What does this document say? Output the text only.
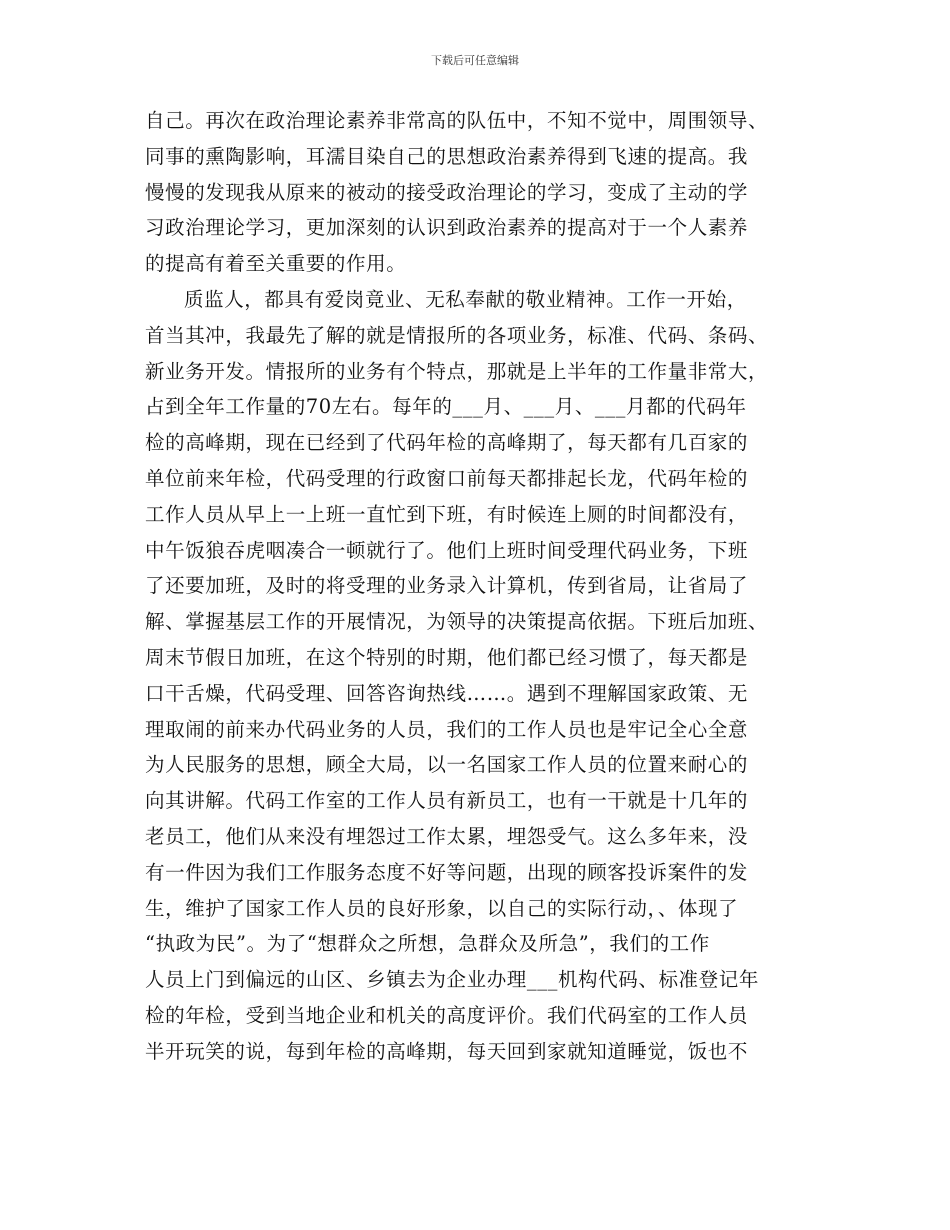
下载后可任意编辑
自己。再次在政治理论素养非常高的队伍中，不知不觉中，周围领导、
同事的熏陶影响，耳濡目染自己的思想政治素养得到飞速的提高。我
慢慢的发现我从原来的被动的接受政治理论的学习，变成了主动的学
习政治理论学习，更加深刻的认识到政治素养的提高对于一个人素养
的提高有着至关重要的作用。
质监人，都具有爱岗竟业、无私奉献的敬业精神。工作一开始，
首当其冲，我最先了解的就是情报所的各项业务，标准、代码、条码、
新业务开发。情报所的业务有个特点，那就是上半年的工作量非常大，
占到全年工作量的70左右。每年的___月、___月、___月都的代码年
检的高峰期，现在已经到了代码年检的高峰期了，每天都有几百家的
单位前来年检，代码受理的行政窗口前每天都排起长龙，代码年检的
工作人员从早上一上班一直忙到下班，有时候连上厕的时间都没有，
中午饭狼吞虎咽凑合一顿就行了。他们上班时间受理代码业务，下班
了还要加班，及时的将受理的业务录入计算机，传到省局，让省局了
解、掌握基层工作的开展情况，为领导的决策提高依据。下班后加班、
周末节假日加班，在这个特别的时期，他们都已经习惯了，每天都是
口干舌燥，代码受理、回答咨询热线……。遇到不理解国家政策、无
理取闹的前来办代码业务的人员，我们的工作人员也是牢记全心全意
为人民服务的思想，顾全大局，以一名国家工作人员的位置来耐心的
向其讲解。代码工作室的工作人员有新员工，也有一干就是十几年的
老员工，他们从来没有埋怨过工作太累，埋怨受气。这么多年来，没
有一件因为我们工作服务态度不好等问题，出现的顾客投诉案件的发
生，维护了国家工作人员的良好形象，以自己的实际行动，、体现了
“执政为民”。为了“想群众之所想，急群众及所急”，我们的工作
人员上门到偏远的山区、乡镇去为企业办理___机构代码、标准登记年
检的年检，受到当地企业和机关的高度评价。我们代码室的工作人员
半开玩笑的说，每到年检的高峰期，每天回到家就知道睡觉，饭也不
